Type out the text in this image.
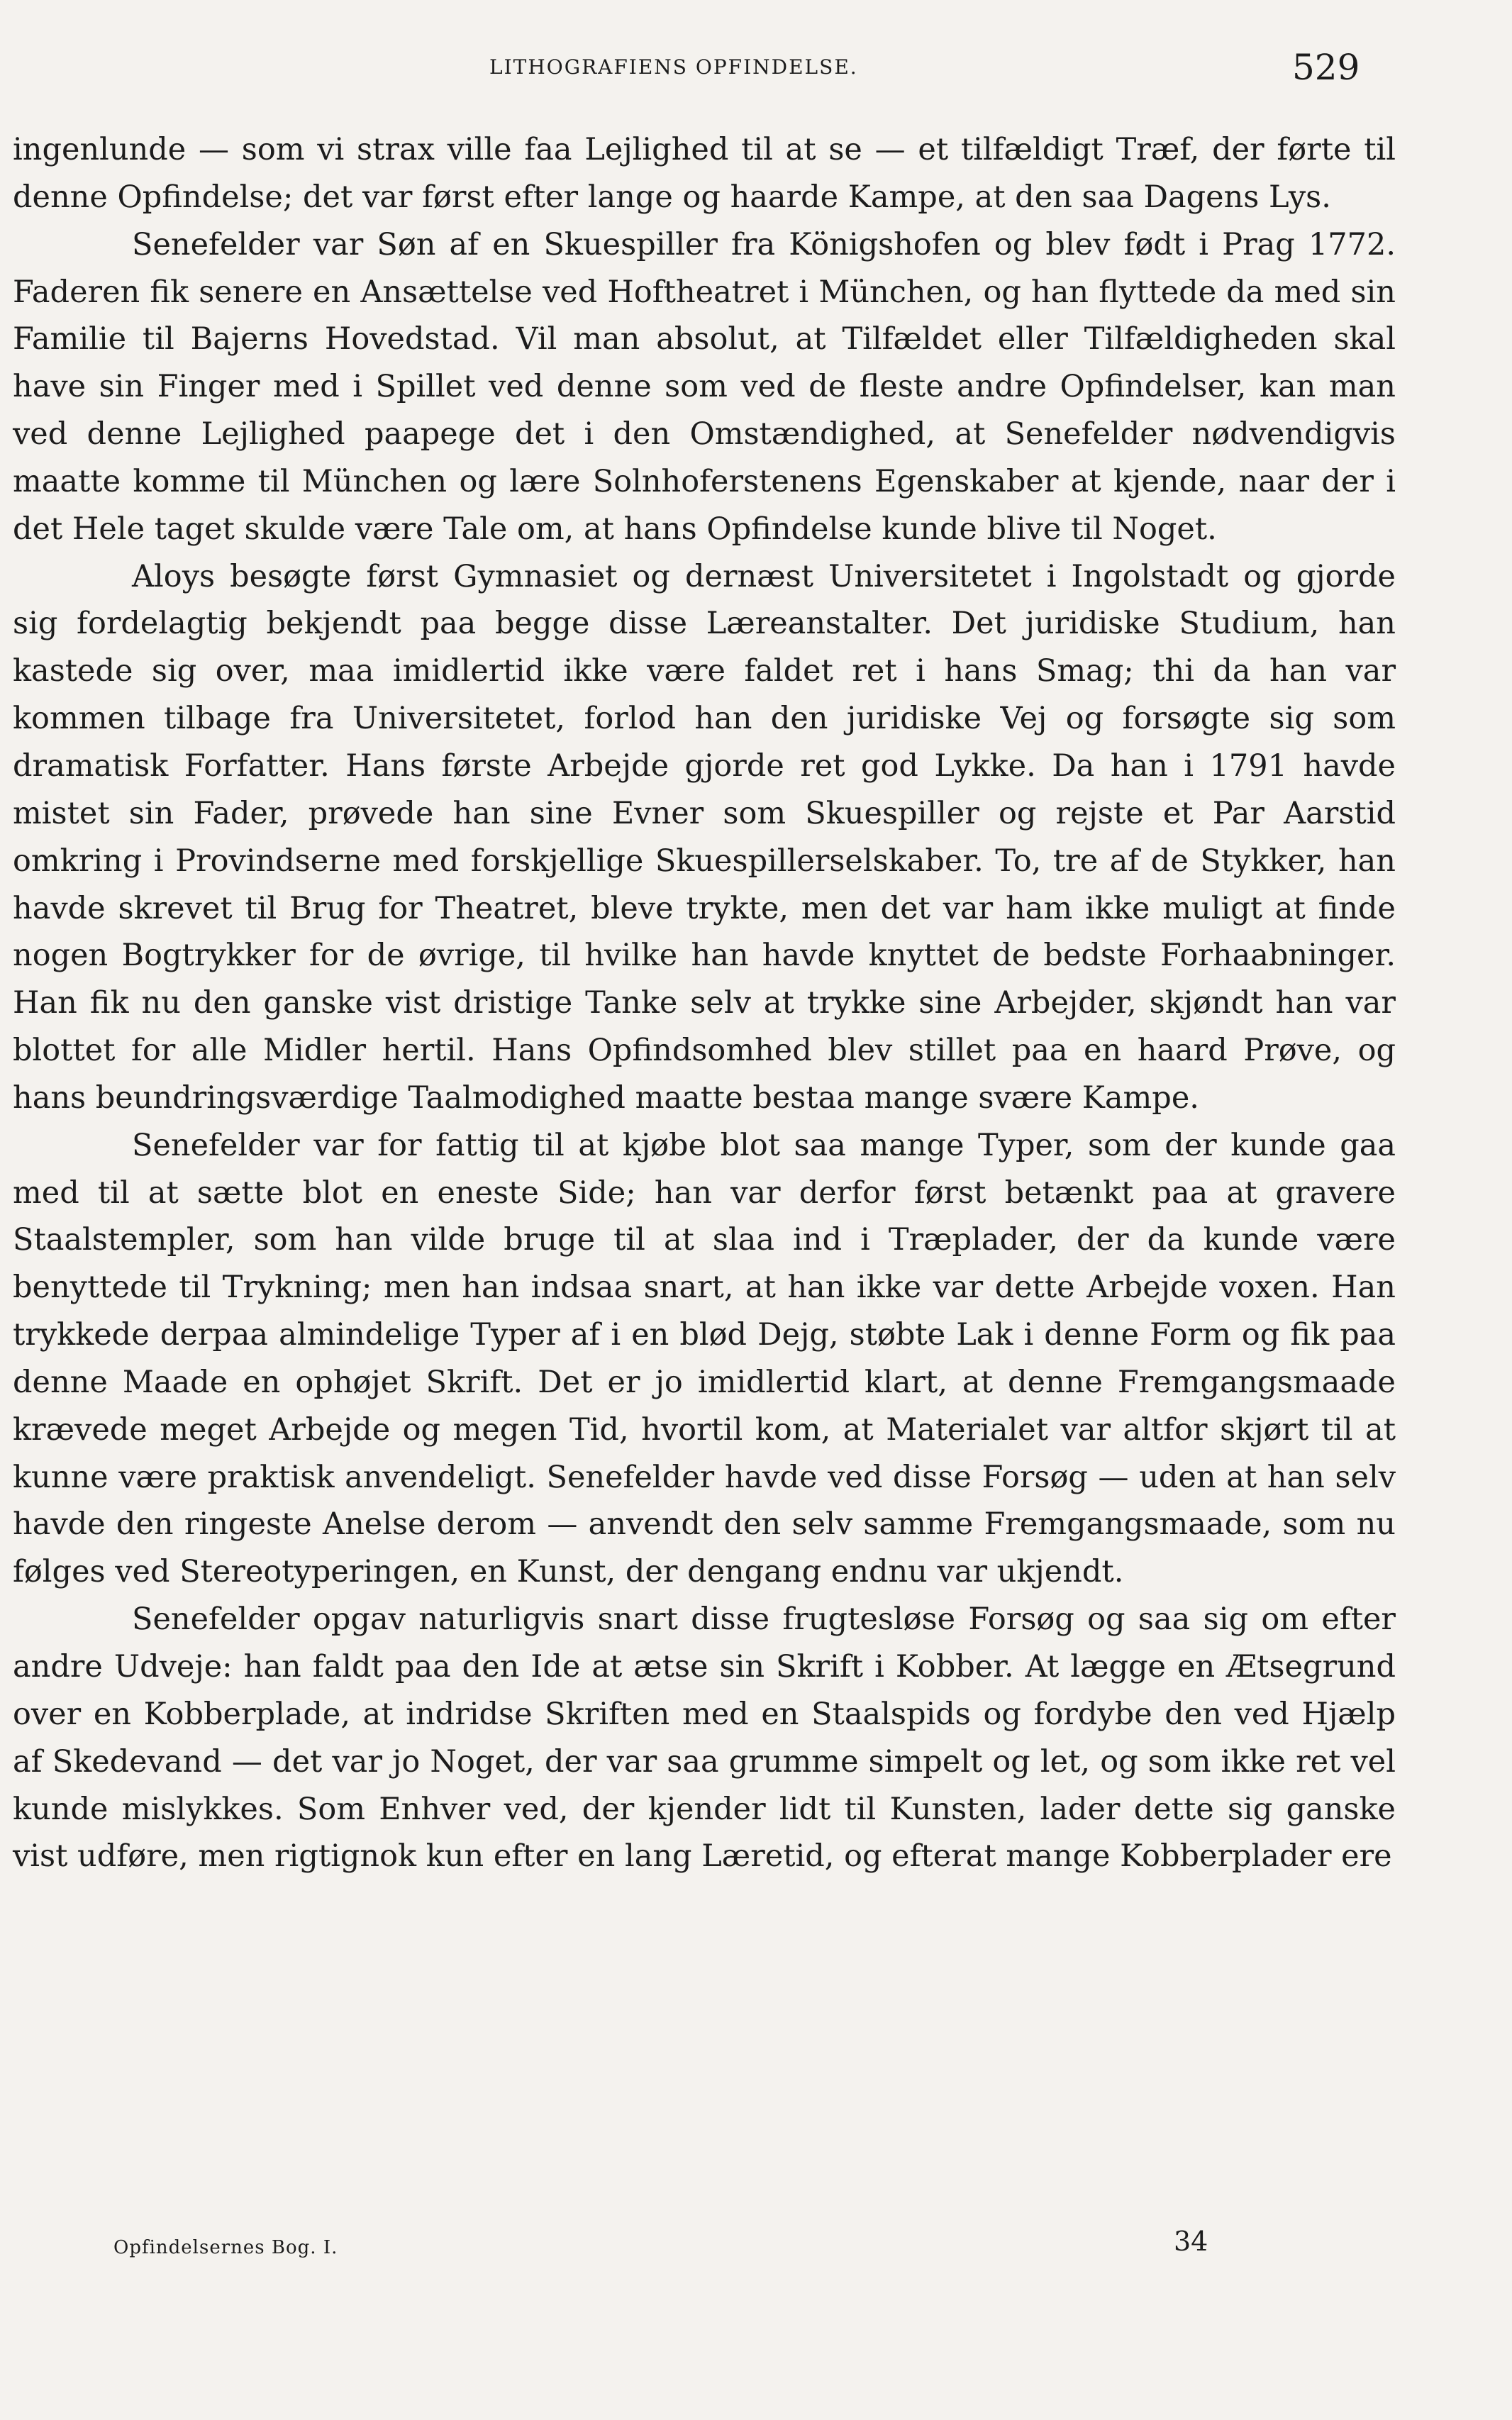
LITHOGRAFIENS OPFINDELSE.	529

ingenlunde — som vi strax ville faa Lejlighed til at se — et tilfældigt Træf, der førte til denne Opfindelse; det var først efter lange og haarde Kampe, at den saa Dagens Lys.

Senefelder var Søn af en Skuespiller fra Königshofen og blev født i Prag 1772. Faderen fik senere en Ansættelse ved Hoftheatret i München, og han flyttede da med sin Familie til Bajerns Hovedstad. Vil man absolut, at Tilfældet eller Tilfældigheden skal have sin Finger med i Spillet ved denne som ved de fleste andre Opfindelser, kan man ved denne Lejlighed paapege det i den Omstændighed, at Senefelder nødvendigvis maatte komme til München og lære Solnhoferstenens Egenskaber at kjende, naar der i det Hele taget skulde være Tale om, at hans Opfindelse kunde blive til Noget.

Aloys besøgte først Gymnasiet og dernæst Universitetet i Ingolstadt og gjorde sig fordelagtig bekjendt paa begge disse Læreanstalter. Det juridiske Studium, han kastede sig over, maa imidlertid ikke være faldet ret i hans Smag; thi da han var kommen tilbage fra Universitetet, forlod han den juridiske Vej og forsøgte sig som dramatisk Forfatter. Hans første Arbejde gjorde ret god Lykke. Da han i 1791 havde mistet sin Fader, prøvede han sine Evner som Skuespiller og rejste et Par Aarstid omkring i Provindserne med forskjellige Skuespillerselskaber. To, tre af de Stykker, han havde skrevet til Brug for Theatret, bleve trykte, men det var ham ikke muligt at finde nogen Bogtrykker for de øvrige, til hvilke han havde knyttet de bedste Forhaabninger. Han fik nu den ganske vist dristige Tanke selv at trykke sine Arbejder, skjøndt han var blottet for alle Midler hertil. Hans Opfindsomhed blev stillet paa en haard Prøve, og hans beundringsværdige Taalmodighed maatte bestaa mange svære Kampe.

Senefelder var for fattig til at kjøbe blot saa mange Typer, som der kunde gaa med til at sætte blot en eneste Side; han var derfor først betænkt paa at gravere Staalstempler, som han vilde bruge til at slaa ind i Træplader, der da kunde være benyttede til Trykning; men han indsaa snart, at han ikke var dette Arbejde voxen. Han trykkede derpaa almindelige Typer af i en blød Dejg, støbte Lak i denne Form og fik paa denne Maade en ophøjet Skrift. Det er jo imidlertid klart, at denne Fremgangsmaade krævede meget Arbejde og megen Tid, hvortil kom, at Materialet var altfor skjørt til at kunne være praktisk anvendeligt. Senefelder havde ved disse Forsøg — uden at han selv havde den ringeste Anelse derom — anvendt den selv samme Fremgangsmaade, som nu følges ved Stereotyperingen, en Kunst, der dengang endnu var ukjendt.

Senefelder opgav naturligvis snart disse frugtesløse Forsøg og saa sig om efter andre Udveje: han faldt paa den Ide at ætse sin Skrift i Kobber. At lægge en Ætsegrund over en Kobberplade, at indridse Skriften med en Staalspids og fordybe den ved Hjælp af Skedevand — det var jo Noget, der var saa grumme simpelt og let, og som ikke ret vel kunde mislykkes. Som Enhver ved, der kjender lidt til Kunsten, lader dette sig ganske vist udføre, men rigtignok kun efter en lang Læretid, og efterat mange Kobberplader ere

Opfindelsernes Bog. I.	34
